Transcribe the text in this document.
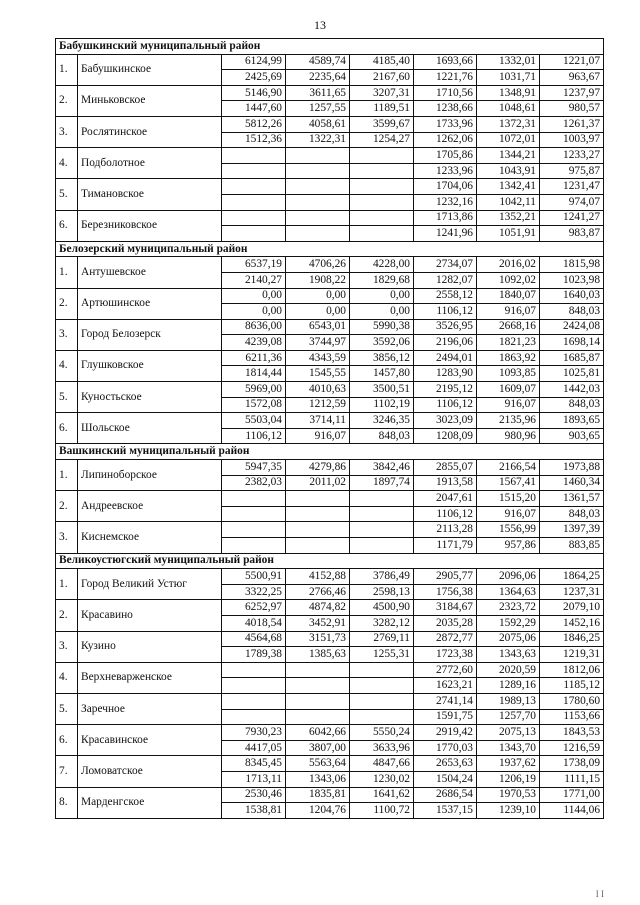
13
Бабушкинский муниципальный район							
1.	Бабушкинское	6124,99	4589,74	4185,40	1693,66	1332,01	1221,07
		2425,69	2235,64	2167,60	1221,76	1031,71	963,67
2.	Миньковское	5146,90	3611,65	3207,31	1710,56	1348,91	1237,97
		1447,60	1257,55	1189,51	1238,66	1048,61	980,57
3.	Рослятинское	5812,26	4058,61	3599,67	1733,96	1372,31	1261,37
		1512,36	1322,31	1254,27	1262,06	1072,01	1003,97
4.	Подболотное				1705,86	1344,21	1233,27
					1233,96	1043,91	975,87
5.	Тимановское				1704,06	1342,41	1231,47
					1232,16	1042,11	974,07
6.	Березниковское				1713,86	1352,21	1241,27
					1241,96	1051,91	983,87
Белозерский муниципальный район							
1.	Антушевское	6537,19	4706,26	4228,00	2734,07	2016,02	1815,98
		2140,27	1908,22	1829,68	1282,07	1092,02	1023,98
2.	Артюшинское	0,00	0,00	0,00	2558,12	1840,07	1640,03
		0,00	0,00	0,00	1106,12	916,07	848,03
3.	Город Белозерск	8636,00	6543,01	5990,38	3526,95	2668,16	2424,08
		4239,08	3744,97	3592,06	2196,06	1821,23	1698,14
4.	Глушковское	6211,36	4343,59	3856,12	2494,01	1863,92	1685,87
		1814,44	1545,55	1457,80	1283,90	1093,85	1025,81
5.	Куностьское	5969,00	4010,63	3500,51	2195,12	1609,07	1442,03
		1572,08	1212,59	1102,19	1106,12	916,07	848,03
6.	Шольское	5503,04	3714,11	3246,35	3023,09	2135,96	1893,65
		1106,12	916,07	848,03	1208,09	980,96	903,65
Вашкинский муниципальный район							
1.	Липиноборское	5947,35	4279,86	3842,46	2855,07	2166,54	1973,88
		2382,03	2011,02	1897,74	1913,58	1567,41	1460,34
2.	Андреевское				2047,61	1515,20	1361,57
					1106,12	916,07	848,03
3.	Киснемское				2113,28	1556,99	1397,39
					1171,79	957,86	883,85
Великоустюгский муниципальный район							
1.	Город Великий Устюг	5500,91	4152,88	3786,49	2905,77	2096,06	1864,25
		3322,25	2766,46	2598,13	1756,38	1364,63	1237,31
2.	Красавино	6252,97	4874,82	4500,90	3184,67	2323,72	2079,10
		4018,54	3452,91	3282,12	2035,28	1592,29	1452,16
3.	Кузино	4564,68	3151,73	2769,11	2872,77	2075,06	1846,25
		1789,38	1385,63	1255,31	1723,38	1343,63	1219,31
4.	Верхневарженское				2772,60	2020,59	1812,06
					1623,21	1289,16	1185,12
5.	Заречное				2741,14	1989,13	1780,60
					1591,75	1257,70	1153,66
6.	Красавинское	7930,23	6042,66	5550,24	2919,42	2075,13	1843,53
		4417,05	3807,00	3633,96	1770,03	1343,70	1216,59
7.	Ломоватское	8345,45	5563,64	4847,66	2653,63	1937,62	1738,09
		1713,11	1343,06	1230,02	1504,24	1206,19	1111,15
8.	Марденгское	2530,46	1835,81	1641,62	2686,54	1970,53	1771,00
		1538,81	1204,76	1100,72	1537,15	1239,10	1144,06
I I
